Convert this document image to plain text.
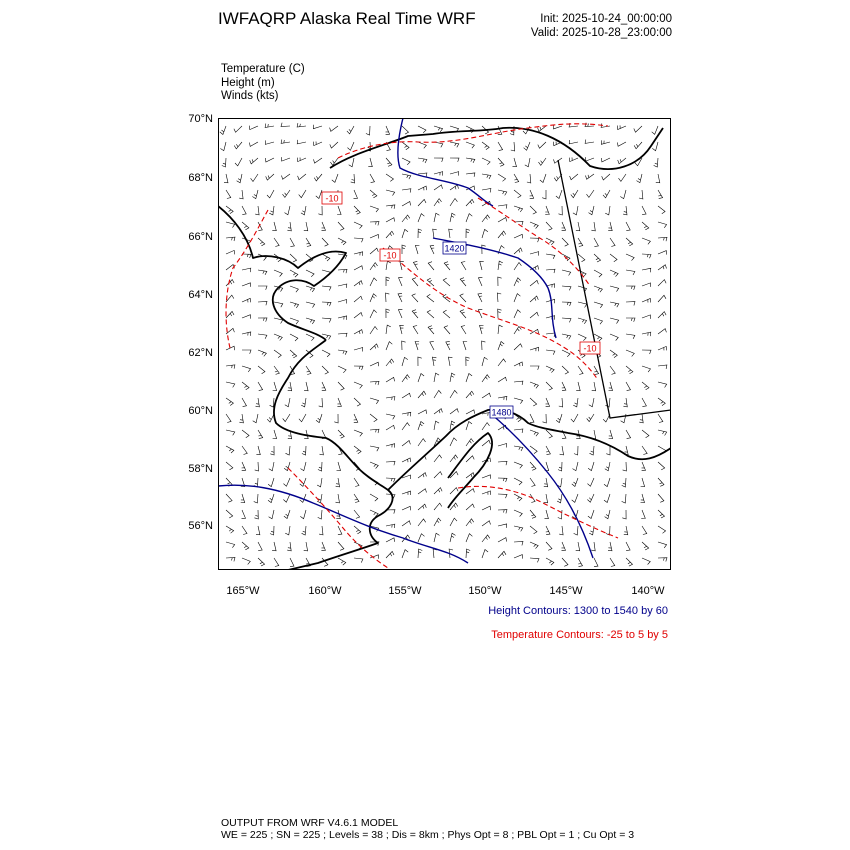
IWFAQRP Alaska Real Time WRF	Init: 2025-10-24_00:00:00
Valid: 2025-10-28_23:00:00
Temperature (C)
Height (m)
Winds (kts)
70°N
68°N
66°N
64°N
62°N
60°N
58°N
56°N
165°W	160°W	155°W	150°W	145°W	140°W
-10
-10
-10
1420
1480
Height Contours: 1300 to 1540 by 60
Temperature Contours: -25 to 5 by 5
OUTPUT FROM WRF V4.6.1 MODEL
WE = 225 ; SN = 225 ; Levels = 38 ; Dis = 8km ; Phys Opt = 8 ; PBL Opt = 1 ; Cu Opt = 3
